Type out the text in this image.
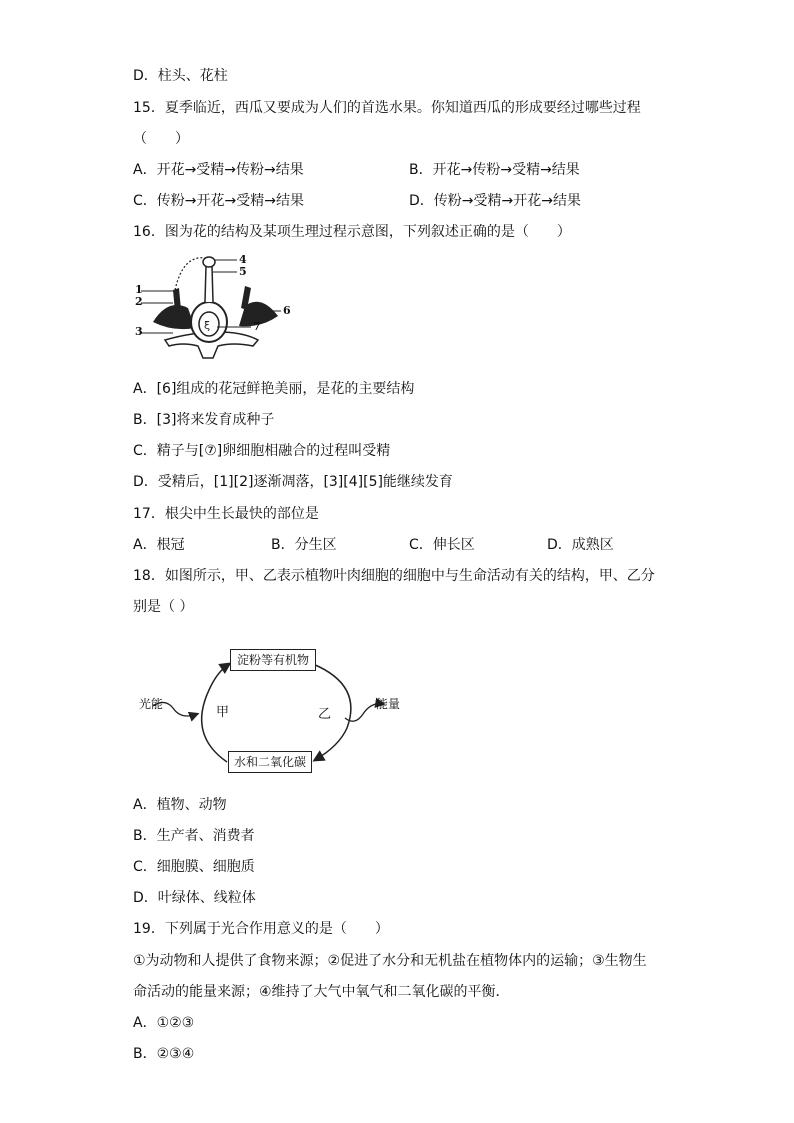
D．柱头、花柱
15．夏季临近，西瓜又要成为人们的首选水果。你知道西瓜的形成要经过哪些过程
（　　）
A．开花→受精→传粉→结果	B．开花→传粉→受精→结果
C．传粉→开花→受精→结果	D．传粉→受精→开花→结果
16．图为花的结构及某项生理过程示意图，下列叙述正确的是（　　）
ξ
1
2
3
4
5
6
7
A．[6]组成的花冠鲜艳美丽，是花的主要结构
B．[3]将来发育成种子
C．精子与[⑦]卵细胞相融合的过程叫受精
D．受精后，[1][2]逐渐凋落，[3][4][5]能继续发育
17．根尖中生长最快的部位是
A．根冠	B．分生区	C．伸长区	D．成熟区
18．如图所示，甲、乙表示植物叶肉细胞的细胞中与生命活动有关的结构，甲、乙分
别是（ ）
淀粉等有机物
水和二氧化碳
光能	能量
甲	乙
A．植物、动物
B．生产者、消费者
C．细胞膜、细胞质
D．叶绿体、线粒体
19．下列属于光合作用意义的是（　　）
①为动物和人提供了食物来源；②促进了水分和无机盐在植物体内的运输；③生物生
命活动的能量来源；④维持了大气中氧气和二氧化碳的平衡．
A．①②③
B．②③④
